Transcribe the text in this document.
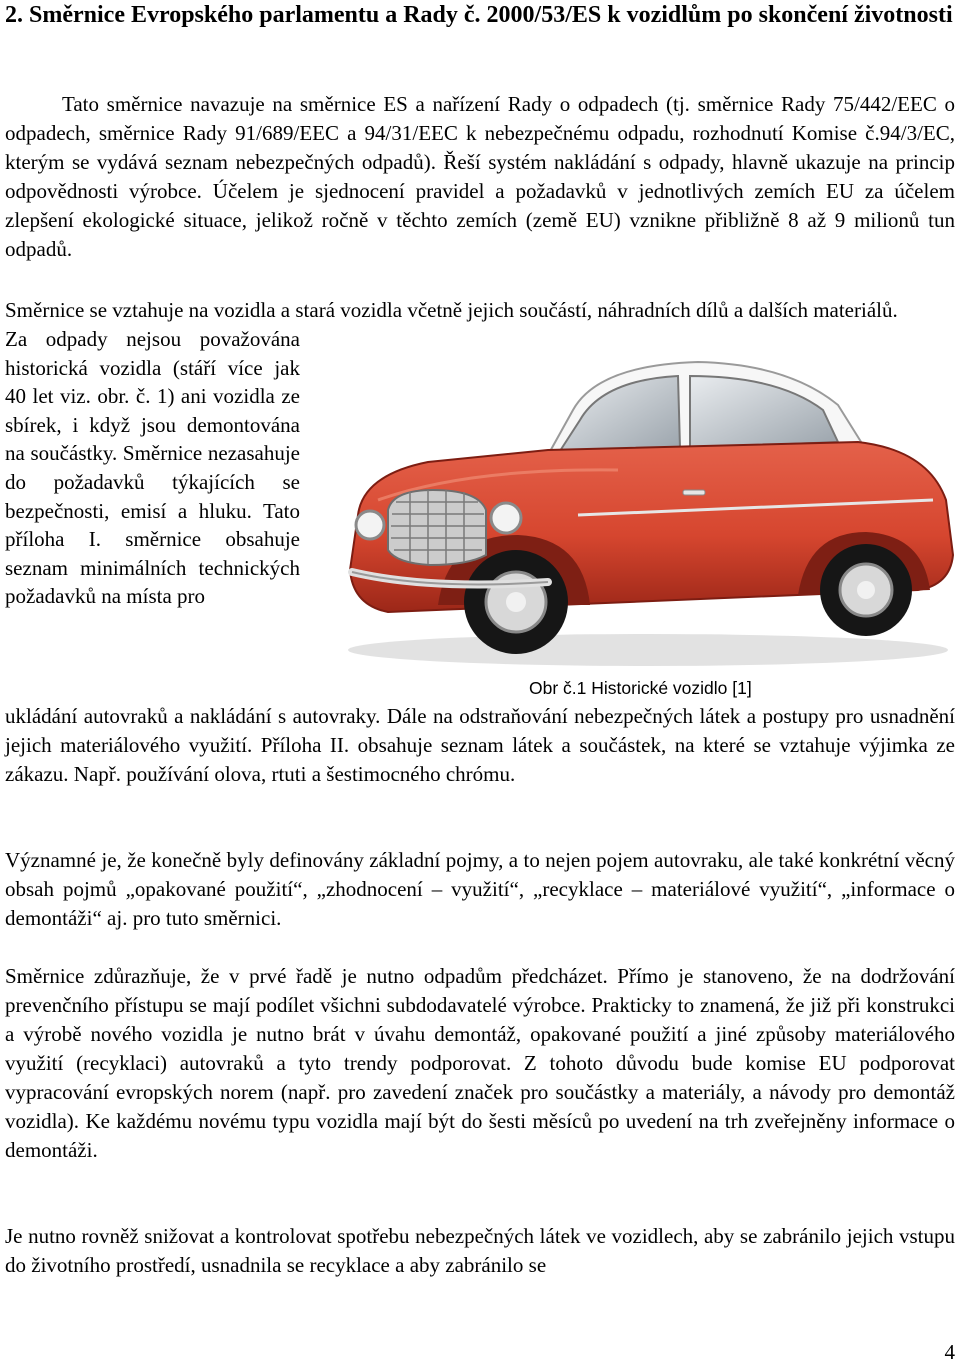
2. Směrnice Evropského parlamentu a Rady č. 2000/53/ES k vozidlům po skončení životnosti

Tato směrnice navazuje na směrnice ES a nařízení Rady o odpadech (tj. směrnice Rady 75/442/EEC o odpadech, směrnice Rady 91/689/EEC a 94/31/EEC k nebezpečnému odpadu, rozhodnutí Komise č.94/3/EC, kterým se vydává seznam nebezpečných odpadů). Řeší systém nakládání s odpady, hlavně ukazuje na princip odpovědnosti výrobce. Účelem je sjednocení pravidel a požadavků v jednotlivých zemích EU za účelem zlepšení ekologické situace, jelikož ročně v těchto zemích (země EU) vznikne přibližně 8 až 9 milionů tun odpadů.

Směrnice se vztahuje na vozidla a stará vozidla včetně jejich součástí, náhradních dílů a dalších materiálů.

Za odpady nejsou považována historická vozidla (stáří více jak 40 let viz. obr. č. 1) ani vozidla ze sbírek, i když jsou demontována na součástky. Směrnice nezasahuje do požadavků týkajících se bezpečnosti, emisí a hluku. Tato příloha I. směrnice obsahuje seznam minimálních technických požadavků na místa pro

Obr č.1 Historické vozidlo [1]

ukládání autovraků a nakládání s autovraky. Dále na odstraňování nebezpečných látek a postupy pro usnadnění jejich materiálového využití. Příloha II. obsahuje seznam látek a součástek, na které se vztahuje výjimka ze zákazu. Např. používání olova, rtuti a šestimocného chrómu.

Významné je, že konečně byly definovány základní pojmy, a to nejen pojem autovraku, ale také konkrétní věcný obsah pojmů „opakované použití“, „zhodnocení – využití“, „recyklace – materiálové využití“, „informace o demontáži“ aj. pro tuto směrnici.

Směrnice zdůrazňuje, že v prvé řadě je nutno odpadům předcházet. Přímo je stanoveno, že na dodržování prevenčního přístupu se mají podílet všichni subdodavatelé výrobce. Prakticky to znamená, že již při konstrukci a výrobě nového vozidla je nutno brát v úvahu demontáž, opakované použití a jiné způsoby materiálového využití (recyklaci) autovraků a tyto trendy podporovat. Z tohoto důvodu bude komise EU podporovat vypracování evropských norem (např. pro zavedení značek pro součástky a materiály, a návody pro demontáž vozidla). Ke každému novému typu vozidla mají být do šesti měsíců po uvedení na trh zveřejněny informace o demontáži.

Je nutno rovněž snižovat a kontrolovat spotřebu nebezpečných látek ve vozidlech, aby se zabránilo jejich vstupu do životního prostředí, usnadnila se recyklace a aby zabránilo se

4
